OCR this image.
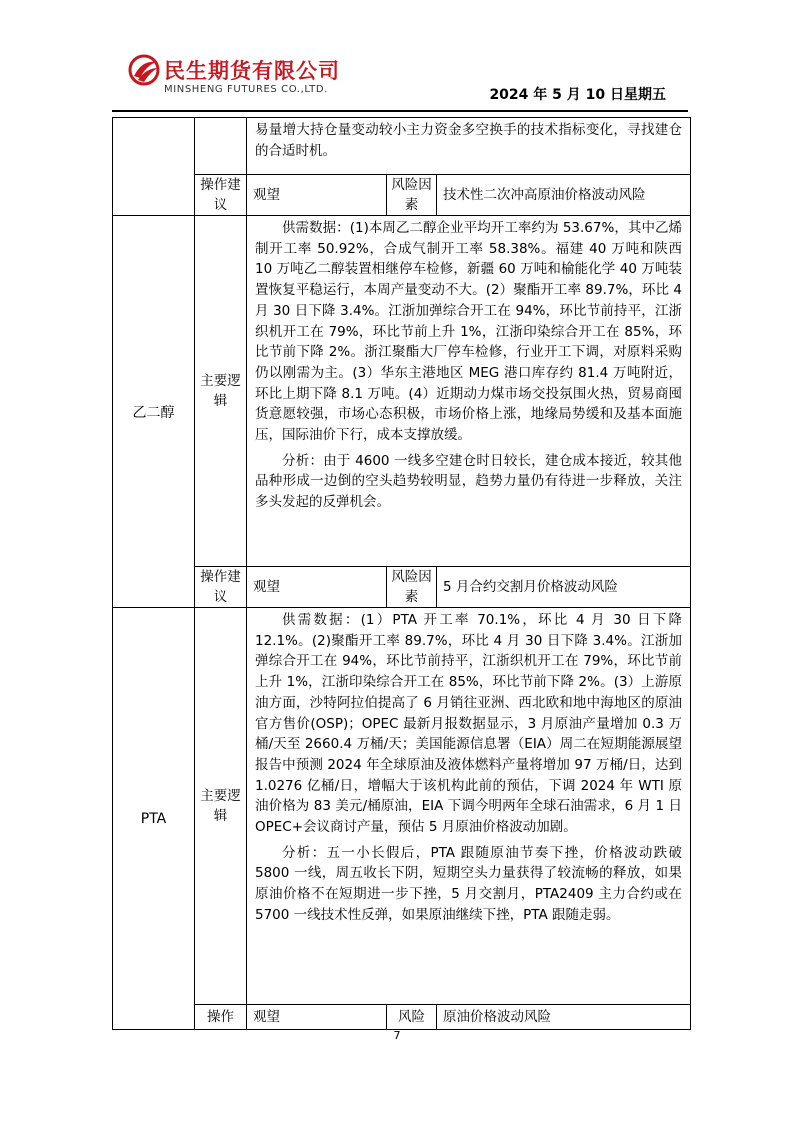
民生期货有限公司
MINSHENG FUTURES CO.,LTD.	2024 年 5 月 10 日星期五

		易量增大持仓量变动较小主力资金多空换手的技术指标变化，寻找建仓的合适时机。		

	操作建议	观望	风险因素	技术性二次冲高原油价格波动风险
乙二醇	主要逻辑	供需数据：(1)本周乙二醇企业平均开工率约为 53.67%，其中乙烯制开工率 50.92%，合成气制开工率 58.38%。福建 40 万吨和陕西 10 万吨乙二醇装置相继停车检修，新疆 60 万吨和榆能化学 40 万吨装置恢复平稳运行，本周产量变动不大。(2）聚酯开工率 89.7%，环比 4 月 30 日下降 3.4%。江浙加弹综合开工在 94%，环比节前持平，江浙织机开工在 79%，环比节前上升 1%，江浙印染综合开工在 85%，环比节前下降 2%。浙江聚酯大厂停车检修，行业开工下调，对原料采购仍以刚需为主。(3）华东主港地区 MEG 港口库存约 81.4 万吨附近，环比上期下降 8.1 万吨。(4）近期动力煤市场交投氛围火热，贸易商囤货意愿较强，市场心态积极，市场价格上涨，地缘局势缓和及基本面施压，国际油价下行，成本支撑放缓。

分析：由于 4600 一线多空建仓时日较长，建仓成本接近，较其他品种形成一边倒的空头趋势较明显，趋势力量仍有待进一步释放，关注多头发起的反弹机会。		

	操作建议	观望	风险因素	5 月合约交割月价格波动风险
PTA	主要逻辑	供需数据：(1）PTA 开工率 70.1%，环比 4 月 30 日下降 12.1%。(2)聚酯开工率 89.7%，环比 4 月 30 日下降 3.4%。江浙加弹综合开工在 94%，环比节前持平，江浙织机开工在 79%，环比节前上升 1%，江浙印染综合开工在 85%，环比节前下降 2%。(3）上游原油方面，沙特阿拉伯提高了 6 月销往亚洲、西北欧和地中海地区的原油官方售价(OSP)；OPEC 最新月报数据显示，3 月原油产量增加 0.3 万桶/天至 2660.4 万桶/天；美国能源信息署（EIA）周二在短期能源展望报告中预测 2024 年全球原油及液体燃料产量将增加 97 万桶/日，达到 1.0276 亿桶/日，增幅大于该机构此前的预估，下调 2024 年 WTI 原油价格为 83 美元/桶原油，EIA 下调今明两年全球石油需求，6 月 1 日 OPEC+会议商讨产量，预估 5 月原油价格波动加剧。

分析：五一小长假后，PTA 跟随原油节奏下挫，价格波动跌破 5800 一线，周五收长下阴，短期空头力量获得了较流畅的释放，如果原油价格不在短期进一步下挫，5 月交割月，PTA2409 主力合约或在 5700 一线技术性反弹，如果原油继续下挫，PTA 跟随走弱。		

	操作	观望	风险	原油价格波动风险
7
